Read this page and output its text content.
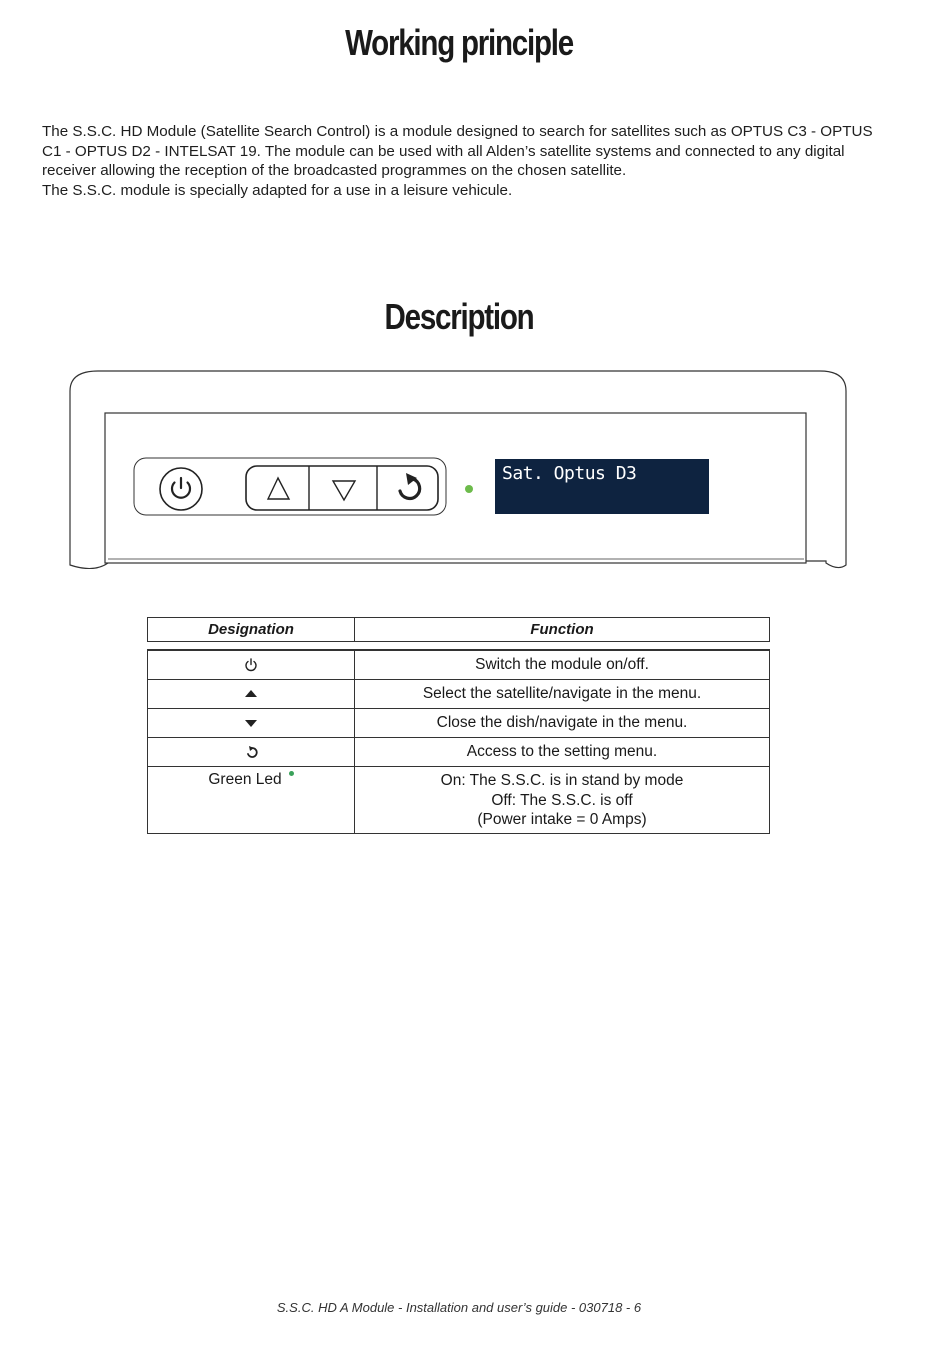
Working principle

The S.S.C. HD Module (Satellite Search Control) is a module designed to search for satellites such as OPTUS C3 - OPTUS C1 - OPTUS D2 - INTELSAT 19. The module can be used with all Alden’s satellite systems and connected to any digital receiver allowing the reception of the broadcasted programmes on the chosen satellite.

The S.S.C. module is specially adapted for a use in a leisure vehicule.

Description
Sat. Optus D3
Designation	Function
Switch the module on/off.
Select the satellite/navigate in the menu.
Close the dish/navigate in the menu.
Access to the setting menu.
Green Led	On: The S.S.C. is in stand by mode
Off: The S.S.C. is off
(Power intake = 0 Amps)
S.S.C. HD A Module - Installation and user’s guide - 030718 - 6
